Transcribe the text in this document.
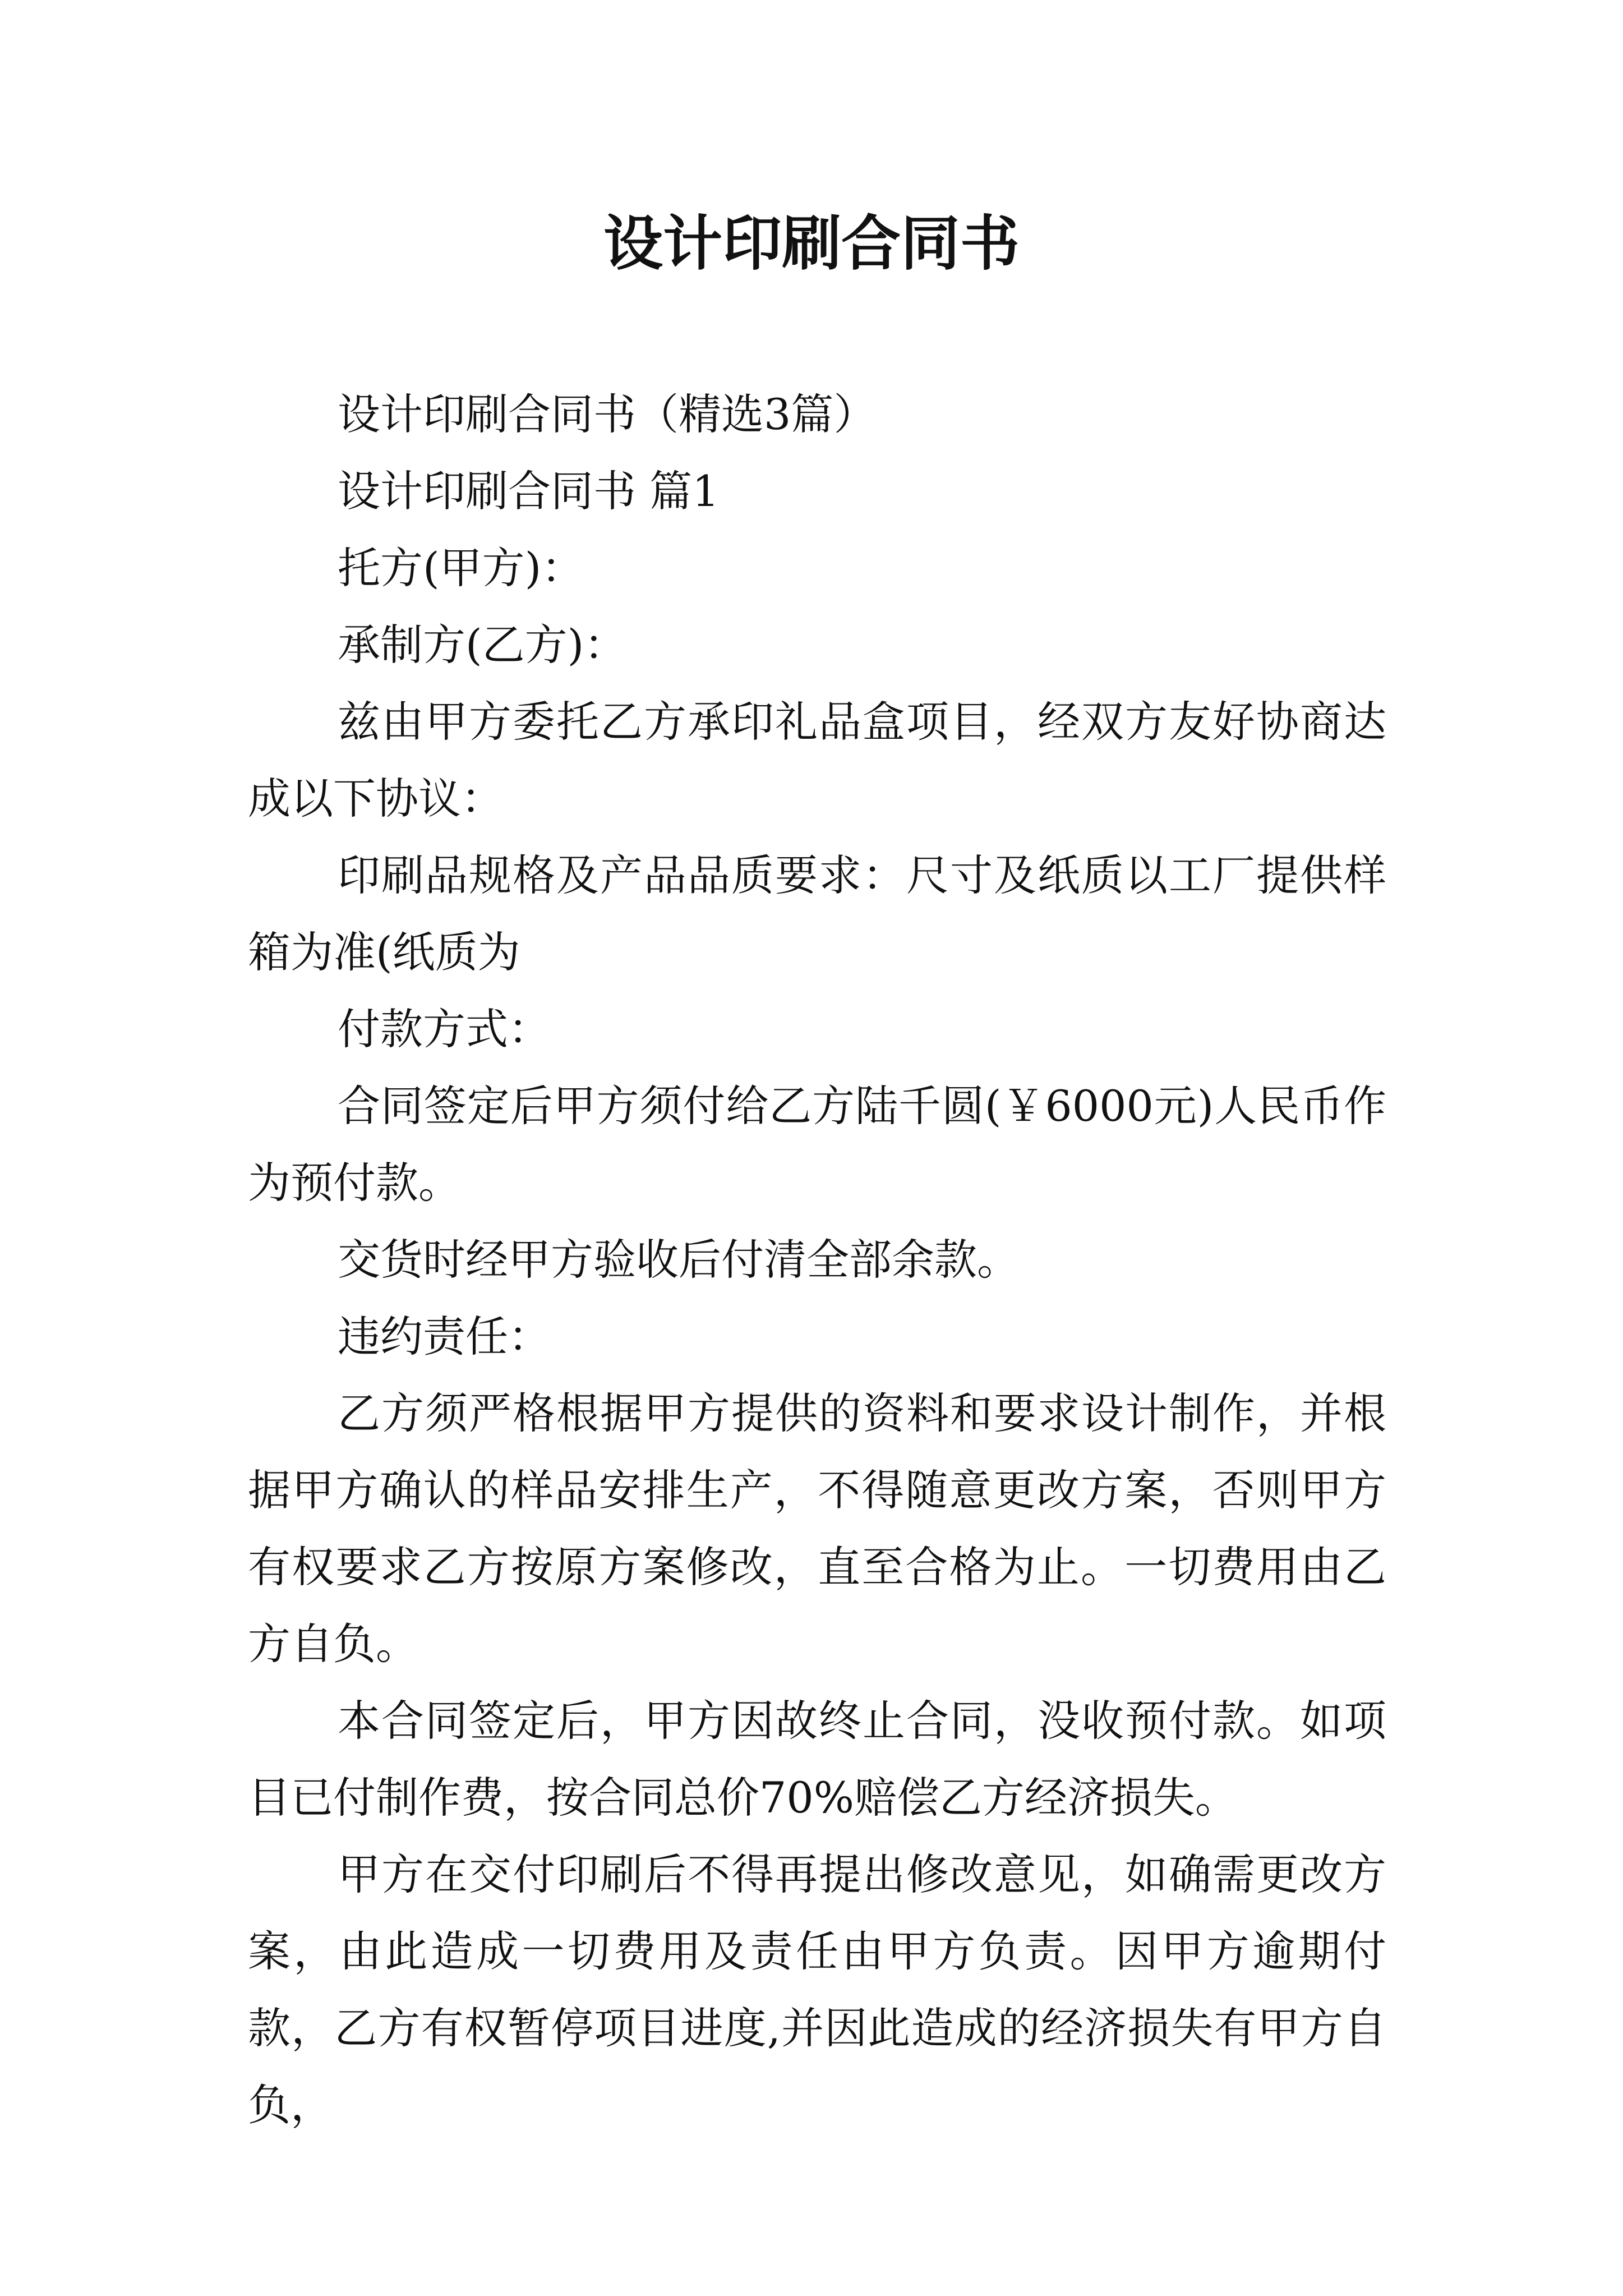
设计印刷合同书

设计印刷合同书（精选3篇）

设计印刷合同书 篇1

托方(甲方)：

承制方(乙方)：

兹由甲方委托乙方承印礼品盒项目，经双方友好协商达成以下协议：

印刷品规格及产品品质要求：尺寸及纸质以工厂提供样箱为准(纸质为

付款方式：

合同签定后甲方须付给乙方陆千圆(￥6000元)人民币作为预付款。

交货时经甲方验收后付清全部余款。

违约责任：

乙方须严格根据甲方提供的资料和要求设计制作，并根据甲方确认的样品安排生产，不得随意更改方案，否则甲方有权要求乙方按原方案修改，直至合格为止。一切费用由乙方自负。

本合同签定后，甲方因故终止合同，没收预付款。如项目已付制作费，按合同总价70%赔偿乙方经济损失。

甲方在交付印刷后不得再提出修改意见，如确需更改方案，由此造成一切费用及责任由甲方负责。因甲方逾期付款，乙方有权暂停项目进度,并因此造成的经济损失有甲方自负，
